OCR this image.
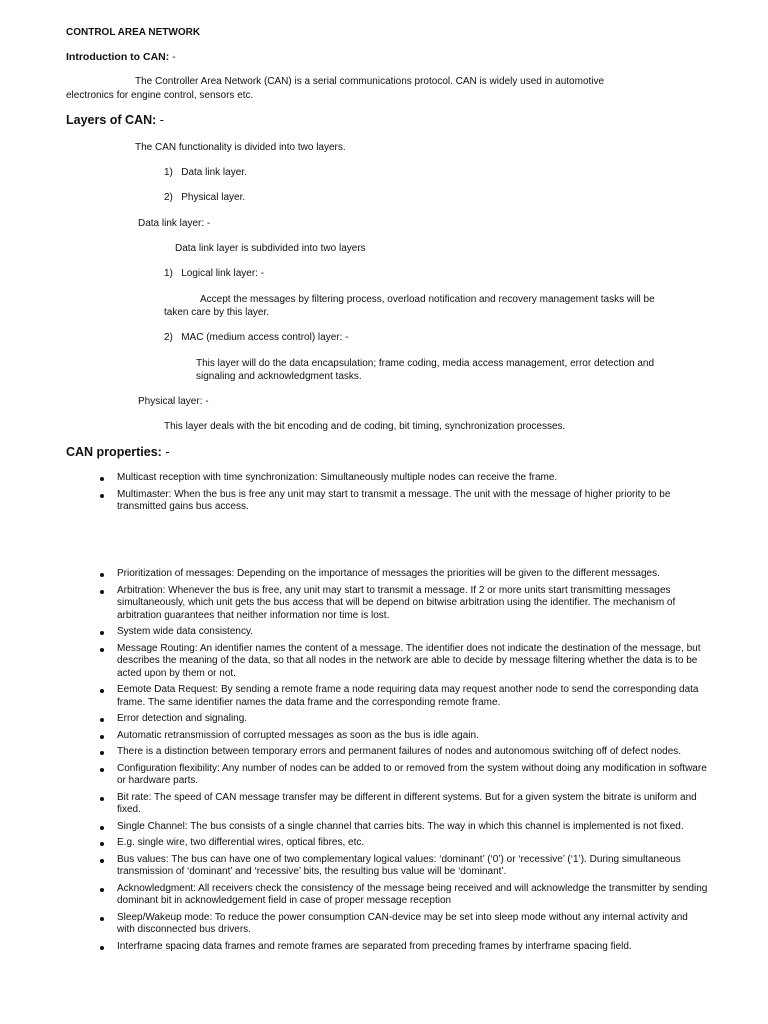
CONTROL AREA NETWORK
Introduction to CAN: -
The Controller Area Network (CAN) is a serial communications protocol. CAN is widely used in automotive
electronics for engine control, sensors etc.
Layers of CAN: -
The CAN functionality is divided into two layers.
1)   Data link layer.
2)   Physical layer.
Data link layer: -
Data link layer is subdivided into two layers
1)   Logical link layer: -
Accept the messages by filtering process, overload notification and recovery management tasks will be
taken care by this layer.
2)   MAC (medium access control) layer: -
This layer will do the data encapsulation; frame coding, media access management, error detection and
signaling and acknowledgment tasks.
Physical layer: -
This layer deals with the bit encoding and de coding, bit timing, synchronization processes.
CAN properties: -
Multicast reception with time synchronization: Simultaneously multiple nodes can receive the frame.
Multimaster: When the bus is free any unit may start to transmit a message. The unit with the message of higher priority to be transmitted gains bus access.
Prioritization of messages: Depending on the importance of messages the priorities will be given to the different messages.
Arbitration: Whenever the bus is free, any unit may start to transmit a message. If 2 or more units start transmitting messages simultaneously, which unit gets the bus access that will be depend on bitwise arbitration using the identifier. The mechanism of arbitration guarantees that neither information nor time is lost.
System wide data consistency.
Message Routing: An identifier names the content of a message. The identifier does not indicate the destination of the message, but describes the meaning of the data, so that all nodes in the network are able to decide by message filtering whether the data is to be acted upon by them or not.
Eemote Data Request: By sending a remote frame a node requiring data may request another node to send the corresponding data frame. The same identifier names the data frame and the corresponding remote frame.
Error detection and signaling.
Automatic retransmission of corrupted messages as soon as the bus is idle again.
There is a distinction between temporary errors and permanent failures of nodes and autonomous switching off of defect nodes.
Configuration flexibility: Any number of nodes can be added to or removed from the system without doing any modification in software or hardware parts.
Bit rate: The speed of CAN message transfer may be different in different systems. But for a given system the bitrate is uniform and fixed.
Single Channel: The bus consists of a single channel that carries bits. The way in which this channel is implemented is not fixed.
E.g. single wire, two differential wires, optical fibres, etc.
Bus values: The bus can have one of two complementary logical values: ‘dominant’ (‘0’) or ‘recessive’ (‘1’). During simultaneous transmission of ‘dominant’ and ‘recessive’ bits, the resulting bus value will be ‘dominant’.
Acknowledgment: All receivers check the consistency of the message being received and will acknowledge the transmitter by sending dominant bit in acknowledgement field in case of proper message reception
Sleep/Wakeup mode: To reduce the power consumption CAN-device may be set into sleep mode without any internal activity and with disconnected bus drivers.
Interframe spacing data frames and remote frames are separated from preceding frames by interframe spacing field.
